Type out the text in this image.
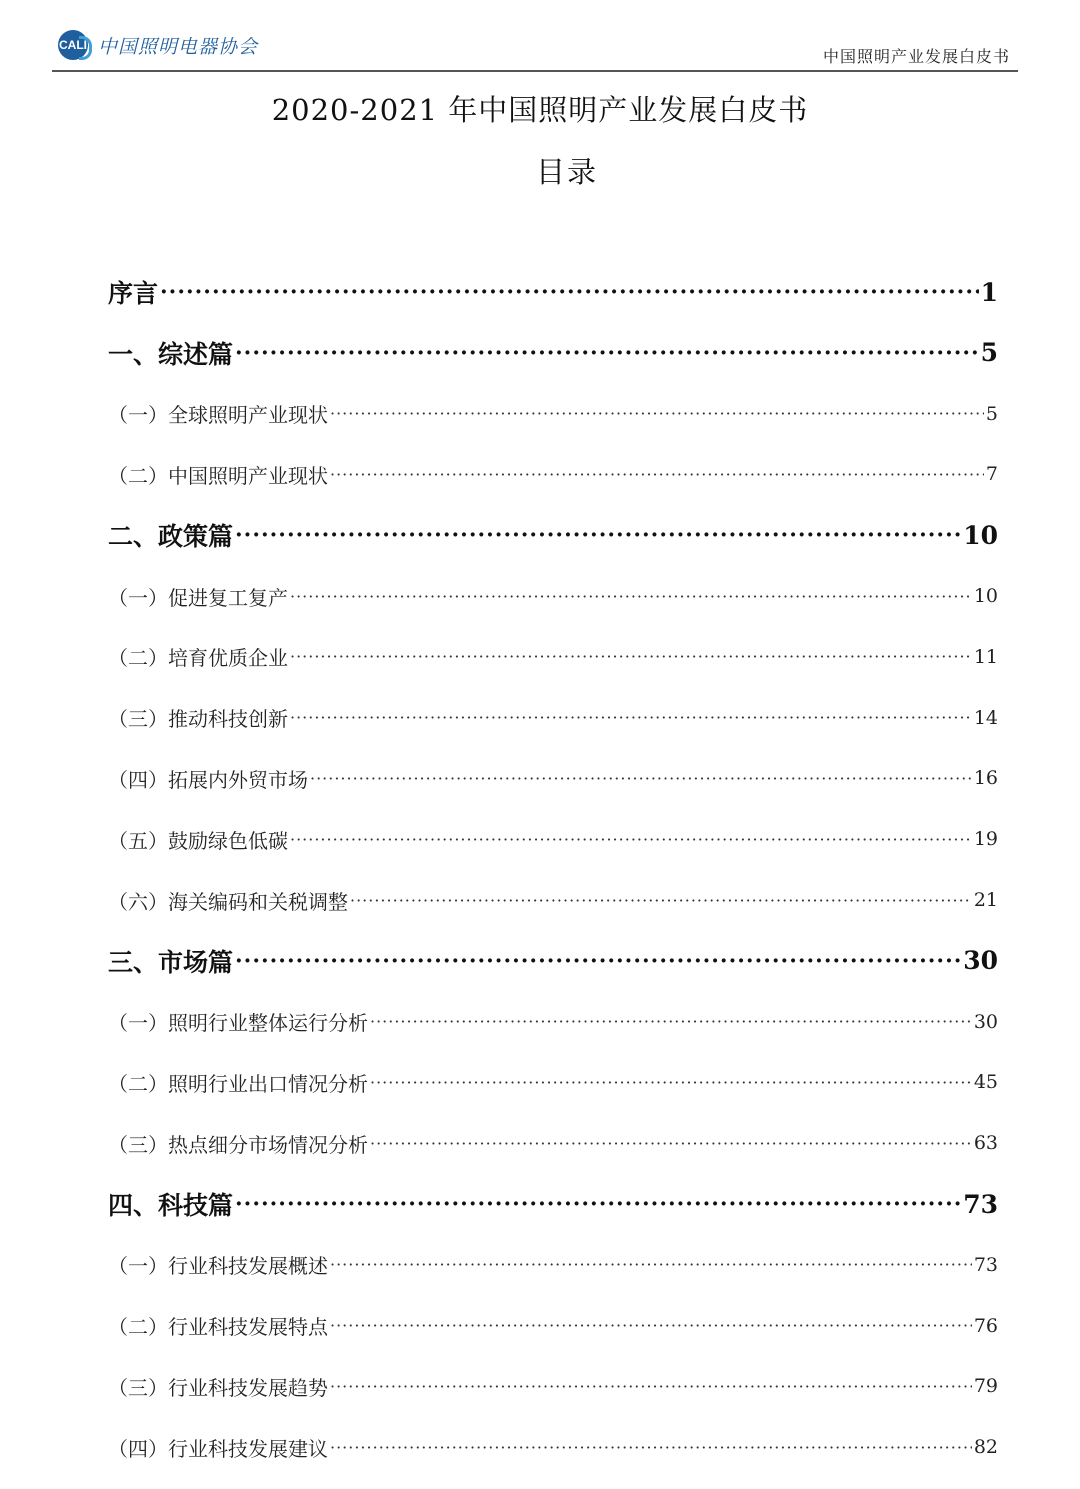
CALI 中国照明电器协会	中国照明产业发展白皮书
2020-2021 年中国照明产业发展白皮书
目录
序言 ·····	1
一、综述篇 ·····	5
（一）全球照明产业现状 ·····	5
（二）中国照明产业现状 ·····	7
二、政策篇 ·····	10
（一）促进复工复产 ·····	10
（二）培育优质企业 ·····	11
（三）推动科技创新 ·····	14
（四）拓展内外贸市场 ·····	16
（五）鼓励绿色低碳 ·····	19
（六）海关编码和关税调整 ·····	21
三、市场篇 ·····	30
（一）照明行业整体运行分析 ·····	30
（二）照明行业出口情况分析 ·····	45
（三）热点细分市场情况分析 ·····	63
四、科技篇 ·····	73
（一）行业科技发展概述 ·····	73
（二）行业科技发展特点 ·····	76
（三）行业科技发展趋势 ·····	79
（四）行业科技发展建议 ·····	82
